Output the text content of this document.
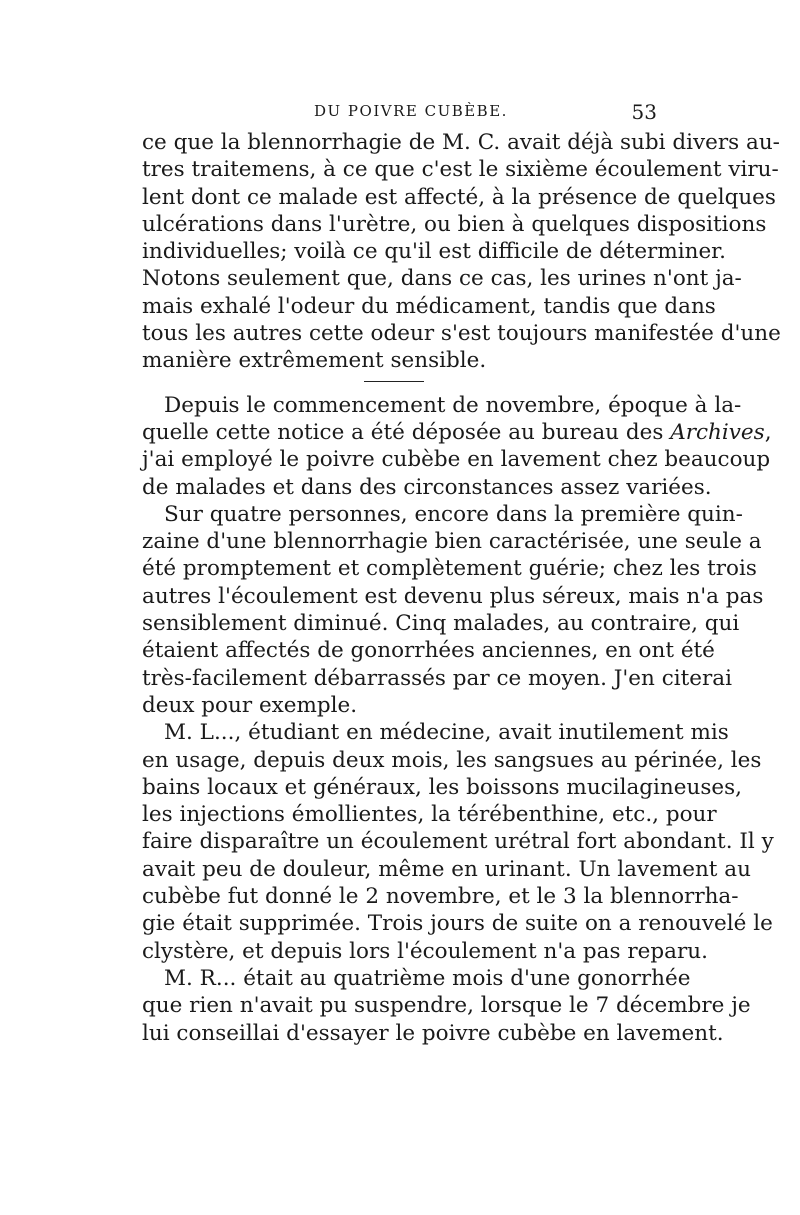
DU POIVRE CUBÈBE.	53
ce que la blennorrhagie de M. C. avait déjà subi divers au-
tres traitemens, à ce que c'est le sixième écoulement viru-
lent dont ce malade est affecté, à la présence de quelques
ulcérations dans l'urètre, ou bien à quelques dispositions
individuelles; voilà ce qu'il est difficile de déterminer.
Notons seulement que, dans ce cas, les urines n'ont ja-
mais exhalé l'odeur du médicament, tandis que dans
tous les autres cette odeur s'est toujours manifestée d'une
manière extrêmement sensible.
Depuis le commencement de novembre, époque à la-
quelle cette notice a été déposée au bureau des Archives,
j'ai employé le poivre cubèbe en lavement chez beaucoup
de malades et dans des circonstances assez variées.
Sur quatre personnes, encore dans la première quin-
zaine d'une blennorrhagie bien caractérisée, une seule a
été promptement et complètement guérie; chez les trois
autres l'écoulement est devenu plus séreux, mais n'a pas
sensiblement diminué. Cinq malades, au contraire, qui
étaient affectés de gonorrhées anciennes, en ont été
très-facilement débarrassés par ce moyen. J'en citerai
deux pour exemple.
M. L..., étudiant en médecine, avait inutilement mis
en usage, depuis deux mois, les sangsues au périnée, les
bains locaux et généraux, les boissons mucilagineuses,
les injections émollientes, la térébenthine, etc., pour
faire disparaître un écoulement urétral fort abondant. Il y
avait peu de douleur, même en urinant. Un lavement au
cubèbe fut donné le 2 novembre, et le 3 la blennorrha-
gie était supprimée. Trois jours de suite on a renouvelé le
clystère, et depuis lors l'écoulement n'a pas reparu.
M. R... était au quatrième mois d'une gonorrhée
que rien n'avait pu suspendre, lorsque le 7 décembre je
lui conseillai d'essayer le poivre cubèbe en lavement.
